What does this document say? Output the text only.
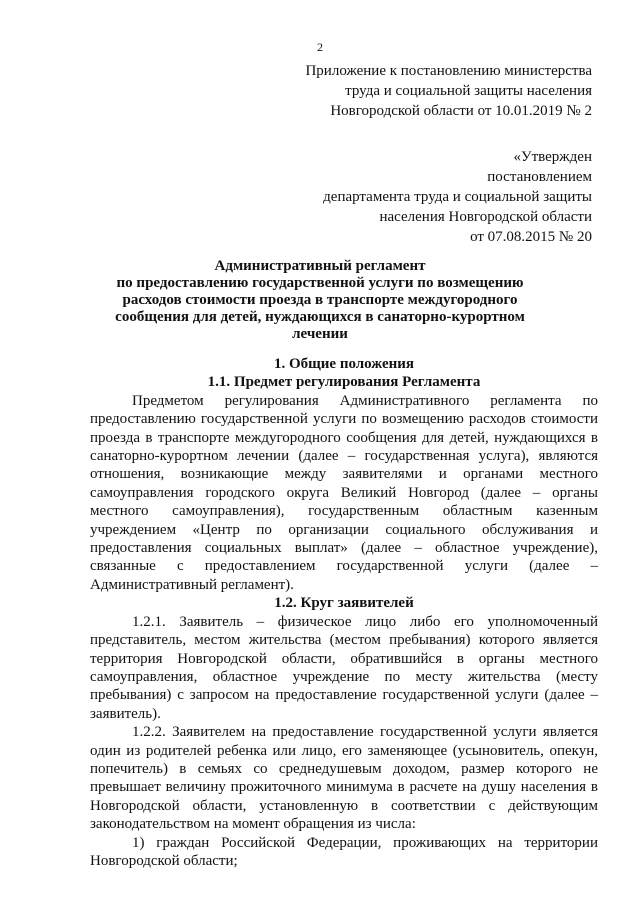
2
Приложение к постановлению министерства
труда и социальной защиты населения
Новгородской области от 10.01.2019 № 2
«Утвержден
постановлением
департамента труда и социальной защиты
населения Новгородской области
от 07.08.2015 № 20
Административный регламент
по предоставлению государственной услуги по возмещению
расходов стоимости проезда в транспорте междугородного
сообщения для детей, нуждающихся в санаторно-курортном
лечении
1. Общие положения
1.1. Предмет регулирования Регламента

Предметом регулирования Административного регламента по предоставлению государственной услуги по возмещению расходов стоимости проезда в транспорте междугородного сообщения для детей, нуждающихся в санаторно-курортном лечении (далее – государственная услуга), являются отношения, возникающие между заявителями и органами местного самоуправления городского округа Великий Новгород (далее – органы местного самоуправления), государственным областным казенным учреждением «Центр по организации социального обслуживания и предоставления социальных выплат» (далее – областное учреждение), связанные с предоставлением государственной услуги (далее – Административный регламент).

1.2. Круг заявителей

1.2.1. Заявитель – физическое лицо либо его уполномоченный представитель, местом жительства (местом пребывания) которого является территория Новгородской области, обратившийся в органы местного самоуправления, областное учреждение по месту жительства (месту пребывания) с запросом на предоставление государственной услуги (далее – заявитель).

1.2.2. Заявителем на предоставление государственной услуги является один из родителей ребенка или лицо, его заменяющее (усыновитель, опекун, попечитель) в семьях со среднедушевым доходом, размер которого не превышает величину прожиточного минимума в расчете на душу населения в Новгородской области, установленную в соответствии с действующим законодательством на момент обращения из числа:

1) граждан Российской Федерации, проживающих на территории Новгородской области;
